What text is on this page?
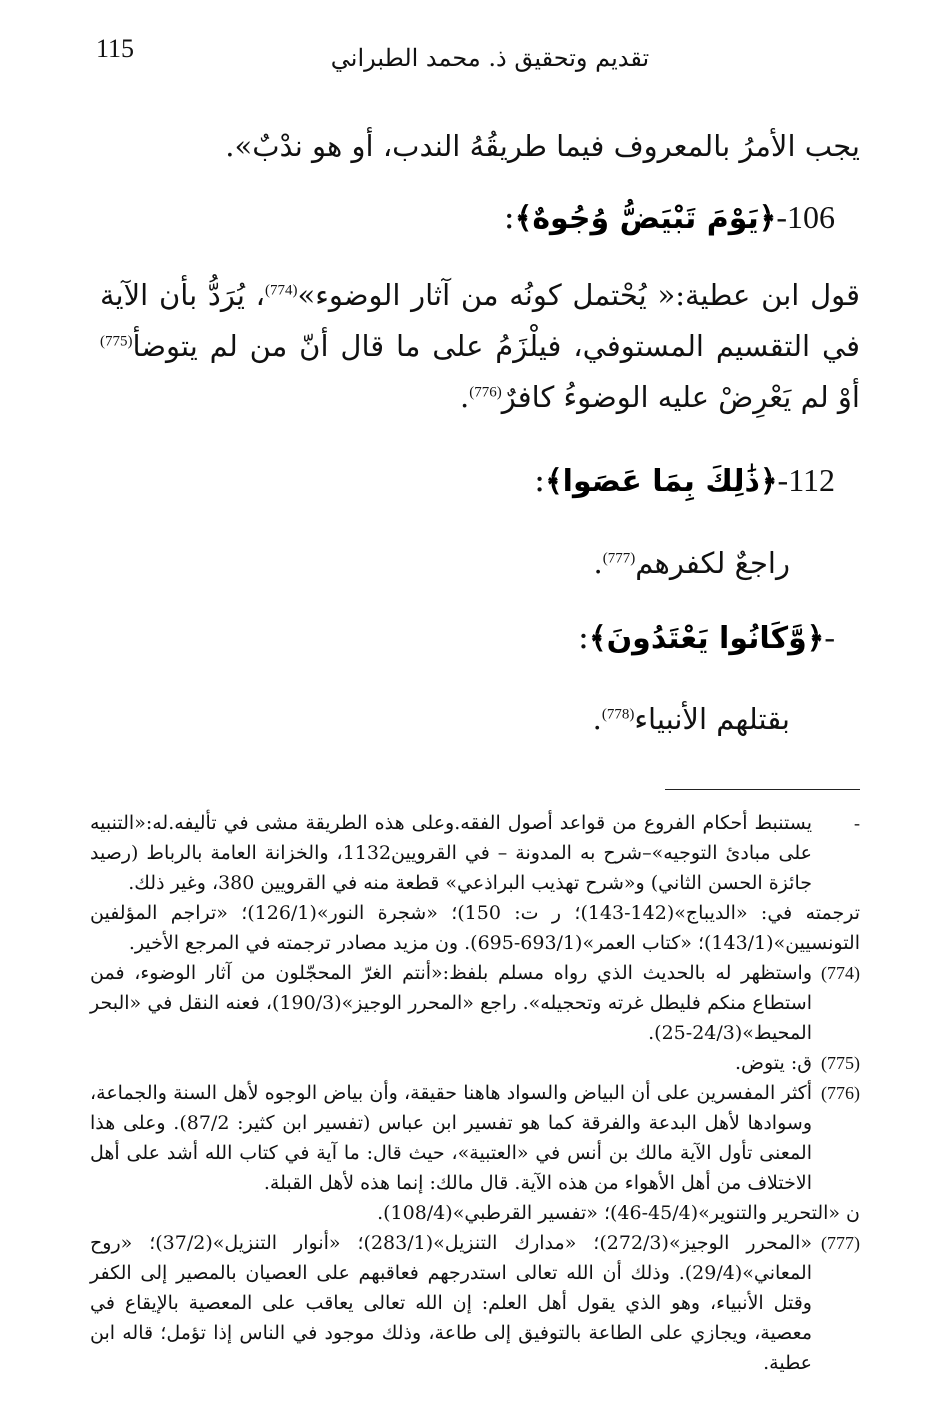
115	تقديم وتحقيق ذ. محمد الطبراني
يجب الأمرُ بالمعروف فيما طريقُهُ الندب، أو هو ندْبٌ».
106-﴿يَوْمَ تَبْيَضُّ وُجُوهٌ﴾:
قول ابن عطية:« يُحْتمل كونُه من آثار الوضوء»$^{(774)}$، يُرَدُّ بأن الآية في التقسيم المستوفي، فيلْزَمُ على ما قال أنّ من لم يتوضأ$^{(775)}$ أوْ لم يَعْرِضْ عليه الوضوءُ كافرٌ$^{(776)}$.
112-﴿ذَٰلِكَ بِمَا عَصَوا﴾:
راجعٌ لكفرهم$^{(777)}$.
-﴿وَّكَانُوا يَعْتَدُونَ﴾:
بقتلهم الأنبياء$^{(778)}$.
-
يستنبط أحكام الفروع من قواعد أصول الفقه.وعلى هذه الطريقة مشى في تأليفه.له:«التنبيه على مبادئ التوجيه»–شرح به المدونة – في القرويين1132، والخزانة العامة بالرباط (رصيد جائزة الحسن الثاني) و«شرح تهذيب البراذعي» قطعة منه في القرويين 380، وغير ذلك.
ترجمته في: «الديباج»(142-143)؛ ر ت: 150)؛ «شجرة النور»(126/1)؛ «تراجم المؤلفين التونسيين»(143/1)؛ «كتاب العمر»(693/1-695). ون مزيد مصادر ترجمته في المرجع الأخير.
(774)
واستظهر له بالحديث الذي رواه مسلم بلفظ:«أنتم الغرّ المحجّلون من آثار الوضوء، فمن استطاع منكم فليطل غرته وتحجيله». راجع «المحرر الوجيز»(190/3)، فعنه النقل في «البحر المحيط»(24/3-25).
(775)
ق: يتوض.
(776)
أكثر المفسرين على أن البياض والسواد هاهنا حقيقة، وأن بياض الوجوه لأهل السنة والجماعة، وسوادها لأهل البدعة والفرقة كما هو تفسير ابن عباس (تفسير ابن كثير: 87/2). وعلى هذا المعنى تأول الآية مالك بن أنس في «العتبية»، حيث قال: ما آية في كتاب الله أشد على أهل الاختلاف من أهل الأهواء من هذه الآية. قال مالك: إنما هذه لأهل القبلة.
ن «التحرير والتنوير»(45/4-46)؛ «تفسير القرطبي»(108/4).
(777)
«المحرر الوجيز»(272/3)؛ «مدارك التنزيل»(283/1)؛ «أنوار التنزيل»(37/2)؛ «روح المعاني»(29/4). وذلك أن الله تعالى استدرجهم فعاقبهم على العصيان بالمصير إلى الكفر وقتل الأنبياء، وهو الذي يقول أهل العلم: إن الله تعالى يعاقب على المعصية بالإيقاع في معصية، ويجازي على الطاعة بالتوفيق إلى طاعة، وذلك موجود في الناس إذا تؤمل؛ قاله ابن عطية.
